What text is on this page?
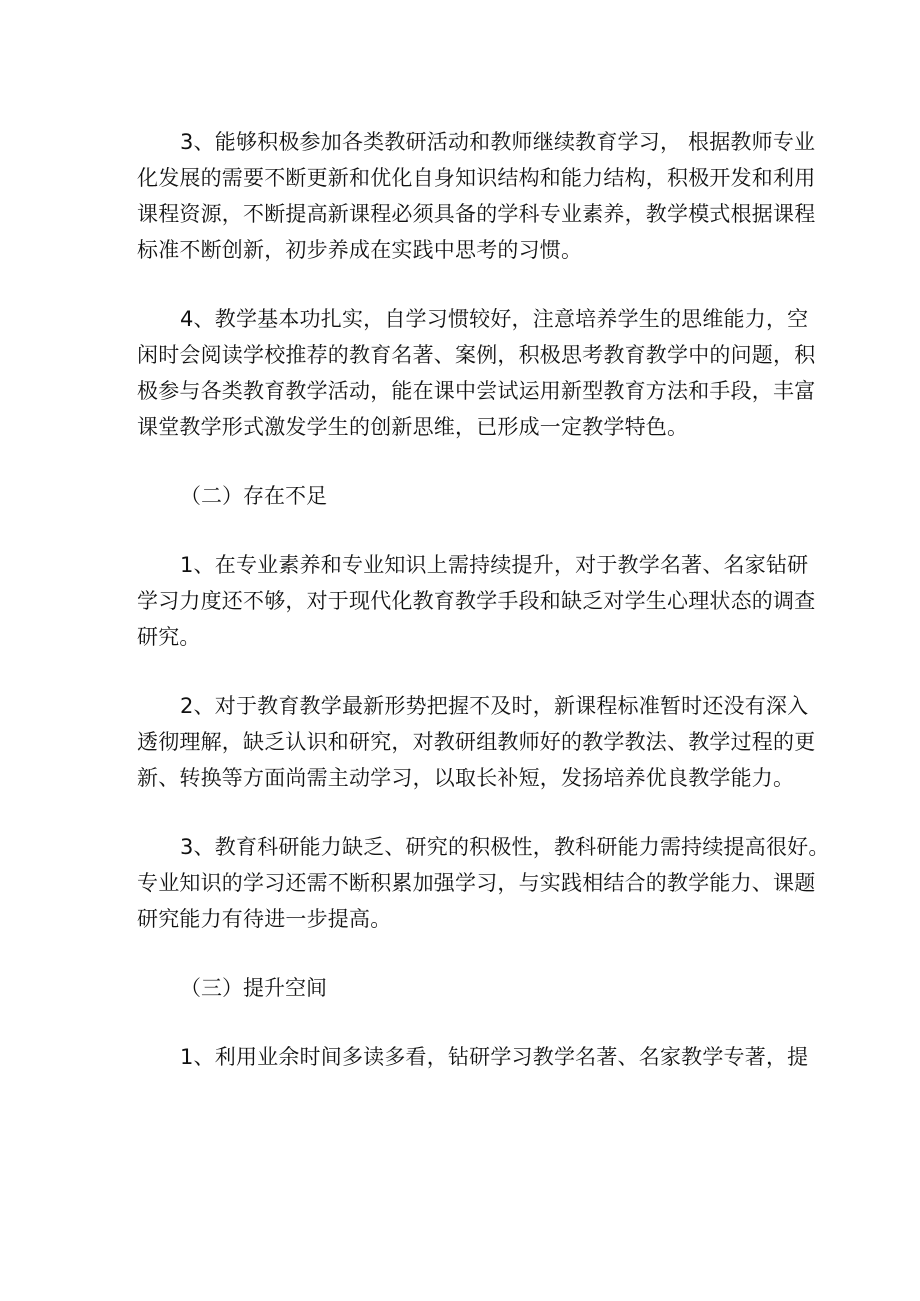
3、能够积极参加各类教研活动和教师继续教育学习， 根据教师专业
化发展的需要不断更新和优化自身知识结构和能力结构，积极开发和利用
课程资源，不断提高新课程必须具备的学科专业素养，教学模式根据课程
标准不断创新，初步养成在实践中思考的习惯。

4、教学基本功扎实，自学习惯较好，注意培养学生的思维能力，空
闲时会阅读学校推荐的教育名著、案例，积极思考教育教学中的问题，积
极参与各类教育教学活动，能在课中尝试运用新型教育方法和手段，丰富
课堂教学形式激发学生的创新思维，已形成一定教学特色。

（二）存在不足

1、在专业素养和专业知识上需持续提升，对于教学名著、名家钻研
学习力度还不够，对于现代化教育教学手段和缺乏对学生心理状态的调查
研究。

2、对于教育教学最新形势把握不及时，新课程标准暂时还没有深入
透彻理解，缺乏认识和研究，对教研组教师好的教学教法、教学过程的更
新、转换等方面尚需主动学习，以取长补短，发扬培养优良教学能力。

3、教育科研能力缺乏、研究的积极性，教科研能力需持续提高很好。
专业知识的学习还需不断积累加强学习，与实践相结合的教学能力、课题
研究能力有待进一步提高。

（三）提升空间

1、利用业余时间多读多看，钻研学习教学名著、名家教学专著，提
